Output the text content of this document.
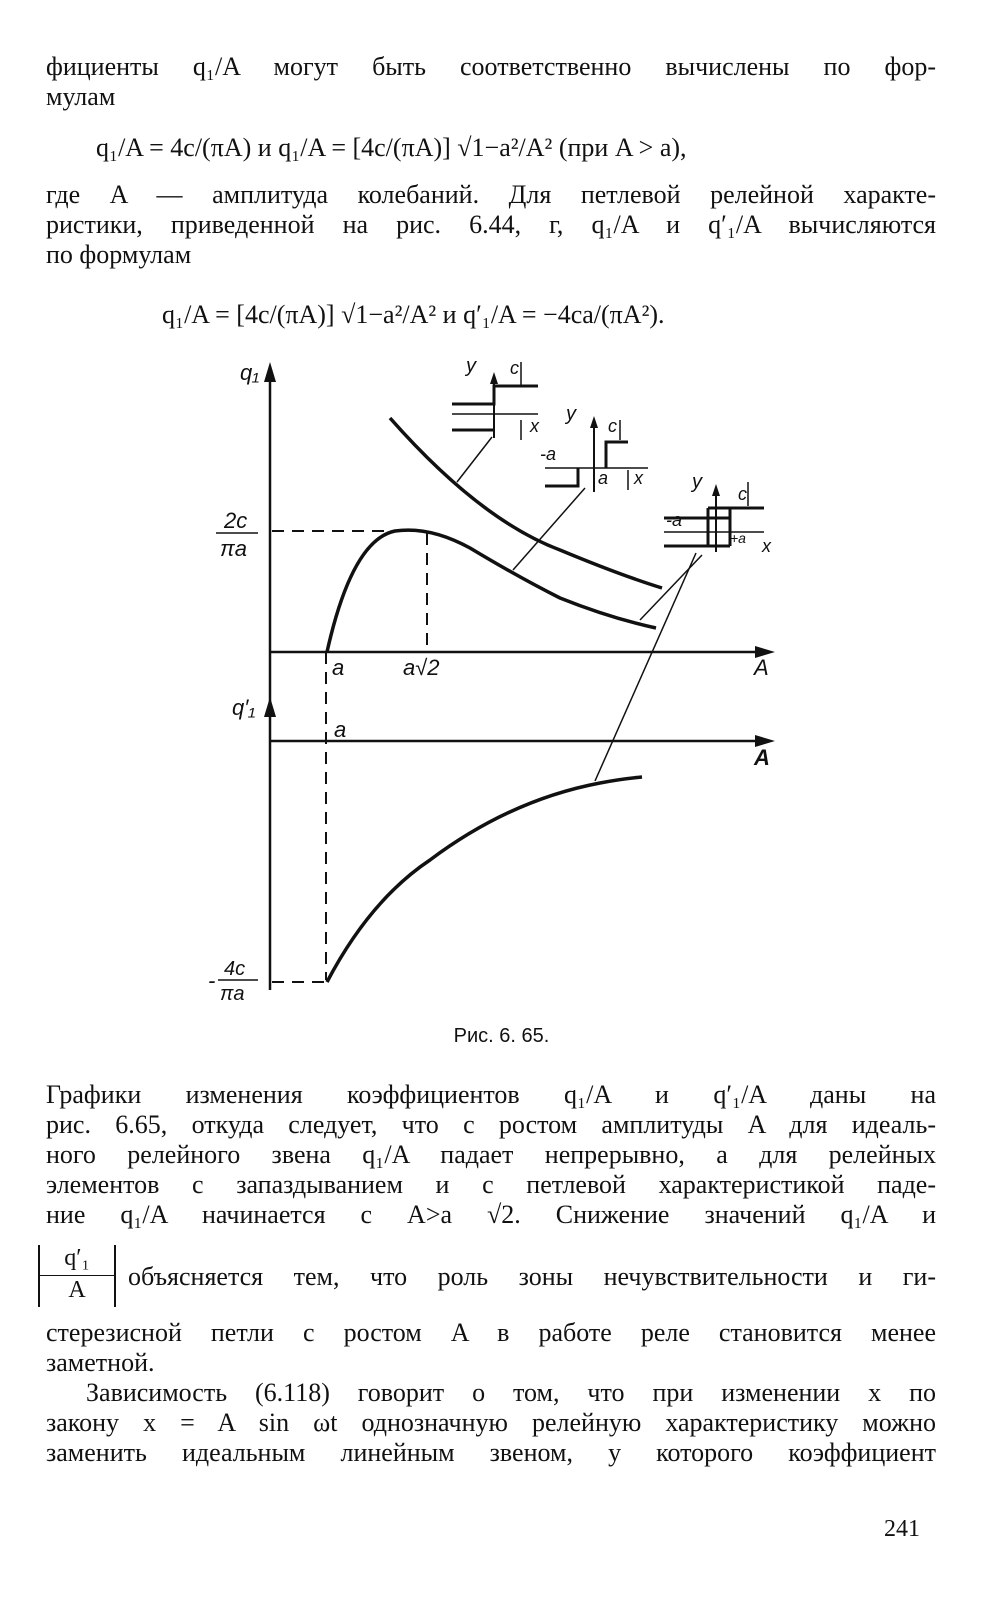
фициенты q₁/A могут быть соответственно вычислены по фор-
мулам
q₁/A = 4c/(πA) и q₁/A = [4c/(πA)] √1−a²/A² (при A > a),
где A — амплитуда колебаний. Для петлевой релейной характе-
ристики, приведенной на рис. 6.44, г, q₁/A и q′₁/A вычисляются
по формулам
q₁/A = [4c/(πA)] √1−a²/A² и q′₁/A = −4ca/(πA²).
q₁
q′₁
A
A
a	a√2
a
2c
πa
- 4c
πa
y c
x
y
c
-a
a x y
c
-a
+a x
Рис. 6. 65.
Графики изменения коэффициентов q₁/A и q′₁/A даны на
рис. 6.65, откуда следует, что с ростом амплитуды A для идеаль-
ного релейного звена q₁/A падает непрерывно, а для релейных
элементов с запаздыванием и с петлевой характеристикой паде-
ние q₁/A начинается с A>a √2. Снижение значений q₁/A и
$\frac{\text{q′₁}}{A}$ объясняется тем, что роль зоны нечувствительности и ги-
стерезисной петли с ростом A в работе реле становится менее
заметной.
Зависимость (6.118) говорит о том, что при изменении x по
закону x = A sin ωt однозначную релейную характеристику можно
заменить идеальным линейным звеном, у которого коэффициент
241
